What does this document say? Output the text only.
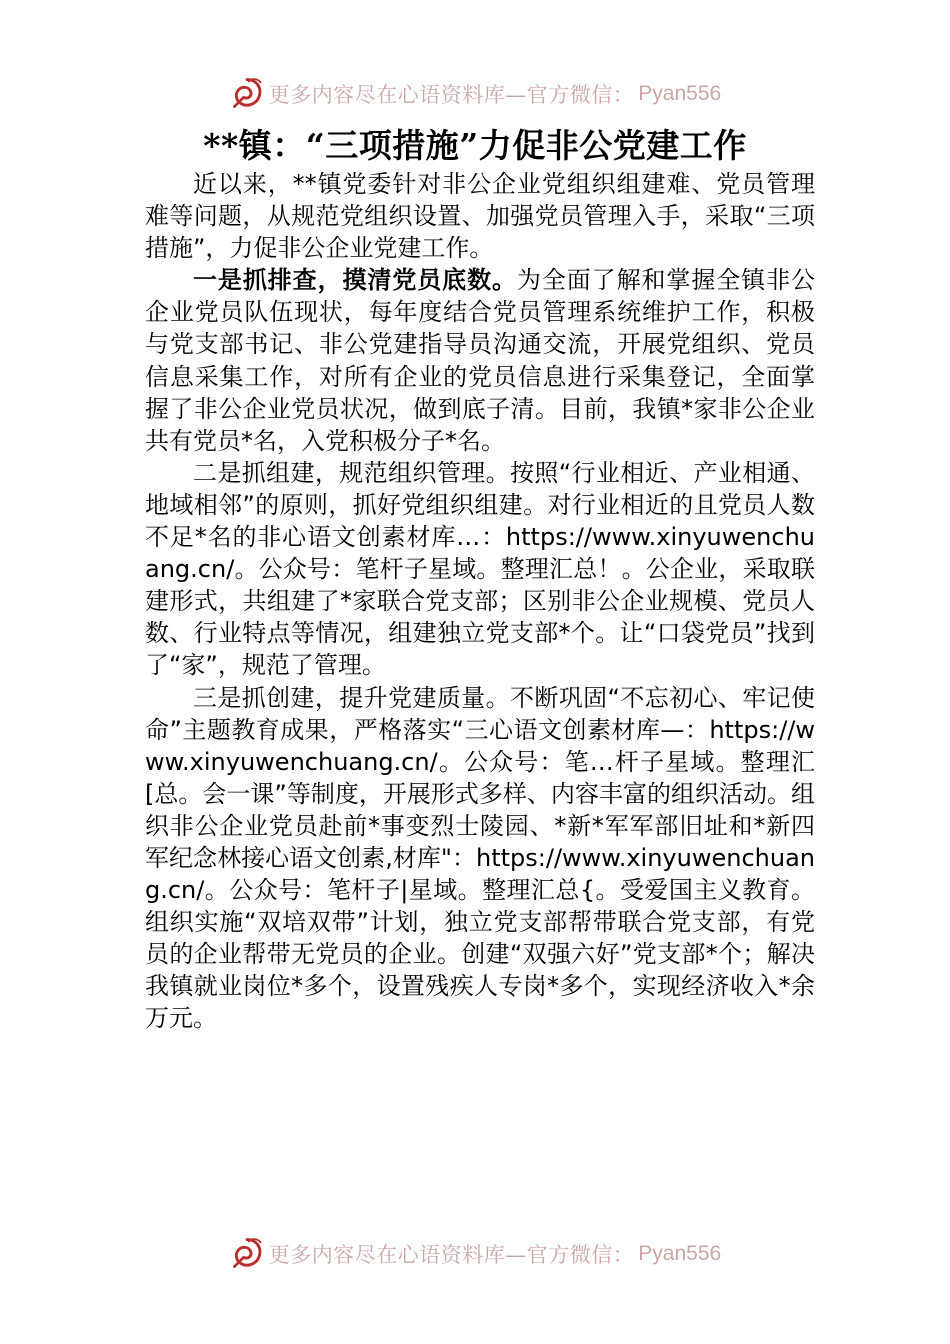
更多内容尽在心语资料库—官方微信： Pyan556
**镇：“三项措施”力促非公党建工作

近以来，**镇党委针对非公企业党组织组建难、党员管理难等问题，从规范党组织设置、加强党员管理入手，采取“三项措施”，力促非公企业党建工作。

一是抓排查，摸清党员底数。为全面了解和掌握全镇非公企业党员队伍现状，每年度结合党员管理系统维护工作，积极与党支部书记、非公党建指导员沟通交流，开展党组织、党员信息采集工作，对所有企业的党员信息进行采集登记，全面掌握了非公企业党员状况，做到底子清。目前，我镇*家非公企业共有党员*名，入党积极分子*名。

二是抓组建，规范组织管理。按照“行业相近、产业相通、地域相邻”的原则，抓好党组织组建。对行业相近的且党员人数不足*名的非心语文创素材库…：https://www.xinyuwenchuang.cn/。公众号：笔杆子星域。整理汇总！。公企业，采取联建形式，共组建了*家联合党支部；区别非公企业规模、党员人数、行业特点等情况，组建独立党支部*个。让“口袋党员”找到了“家”，规范了管理。

三是抓创建，提升党建质量。不断巩固“不忘初心、牢记使命”主题教育成果，严格落实“三心语文创素材库—：https://www.xinyuwenchuang.cn/。公众号：笔…杆子星域。整理汇[总。会一课”等制度，开展形式多样、内容丰富的组织活动。组织非公企业党员赴前*事变烈士陵园、*新*军军部旧址和*新四军纪念林接心语文创素,材库"：https://www.xinyuwenchuang.cn/。公众号：笔杆子|星域。整理汇总{。受爱国主义教育。组织实施“双培双带”计划，独立党支部帮带联合党支部，有党员的企业帮带无党员的企业。创建“双强六好”党支部*个；解决我镇就业岗位*多个，设置残疾人专岗*多个，实现经济收入*余万元。

更多内容尽在心语资料库—官方微信： Pyan556
